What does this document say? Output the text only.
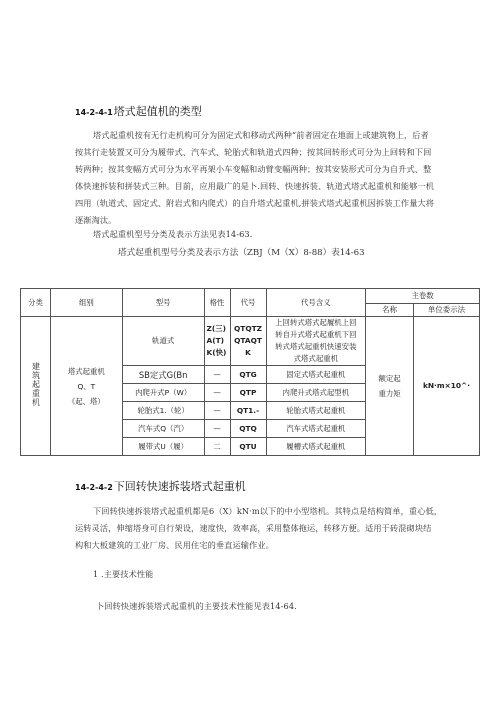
14-2-4-1塔式起值机的类型
塔式起重机按有无行走机构可分为固定式和移动式两种“前者固定在地面上或建筑物上，后者
按其行走装置又可分为履带式、汽车式、轮胎式和轨道式四种；按其回转形式可分为上回转和下回
转两种；按其变幅方式可分为水平再架小车变幅和动臂变幅两种；按其安装形式可分为自升式、整
体快速拆装和拼装式三种。目前，应用最广的是卜.回转、快速拆装、轨道式塔式起重机和能够一机
四用（轨道式、固定式、附岩式和内爬式）的自升塔式起重机,拼装式塔式起重机因拆装工作量大将
逐渐淘汰。
塔式起重机型号分类及表示方法见表14-63.
塔式起重机型号分类及表示方法（ZBJ（M（X）8-88）表14-63
分类	组别	型号	格性	代号	代号含义	主卷数	
						名称	单位委示法
建筑起重机	塔式起重机
Q、T
《起、塔）	轨道式	Z(三)
A(T)
K(快)	QTQTZ
QTAQT
K	上回转式塔式起履机上回
转自升式塔式起重机下回
转式塔式起重机快速安装
式塔式起重机	额定起
重力矩	kN·m×10^·
		SB定式G(Bn	—	QTG	固定式塔式起重机		
		内爬升式P（W）	—	QTP	内爬升式塔式起型机		
		轮胎式1.（轮）	—	QT1.-	轮胎式塔式起重机		
		汽车式Q（汽）	—	QTQ	汽车式塔式起重机		
		履带式U（履）	二	QTU	履槽式塔式起重机		
14-2-4-2下回转快速拆装塔式起重机
下回转快速拆装塔式起重机都是6（X）kN·m以下的中小型塔机。其特点是结构简单，重心低，
运转灵活，伸缩塔身可自行架设，速度快，效率高，采用整体拖运，转移方便。适用于砖混砌块结
构和大板建筑的工业厂房、民用住宅的垂直运输作业。
1 .主要技术性能
卜回转快速拆装塔式起重机的主要技术性能见表14-64.
